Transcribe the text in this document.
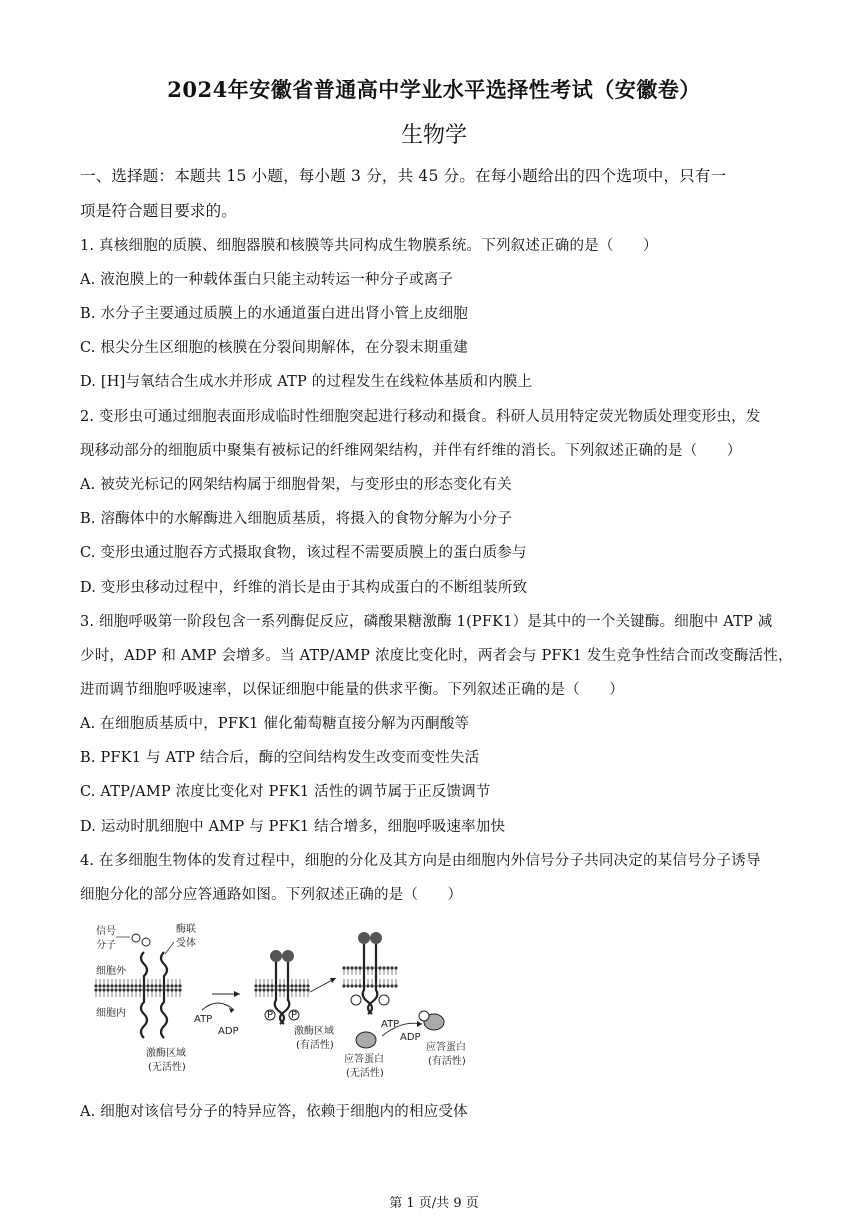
2024年安徽省普通高中学业水平选择性考试（安徽卷）
生物学
一、选择题：本题共 15 小题，每小题 3 分，共 45 分。在每小题给出的四个选项中，只有一
项是符合题目要求的。
1. 真核细胞的质膜、细胞器膜和核膜等共同构成生物膜系统。下列叙述正确的是（　　）
A. 液泡膜上的一种载体蛋白只能主动转运一种分子或离子
B. 水分子主要通过质膜上的水通道蛋白进出肾小管上皮细胞
C. 根尖分生区细胞的核膜在分裂间期解体，在分裂末期重建
D. [H]与氧结合生成水并形成 ATP 的过程发生在线粒体基质和内膜上
2. 变形虫可通过细胞表面形成临时性细胞突起进行移动和摄食。科研人员用特定荧光物质处理变形虫，发
现移动部分的细胞质中聚集有被标记的纤维网架结构，并伴有纤维的消长。下列叙述正确的是（　　）
A. 被荧光标记的网架结构属于细胞骨架，与变形虫的形态变化有关
B. 溶酶体中的水解酶进入细胞质基质，将摄入的食物分解为小分子
C. 变形虫通过胞吞方式摄取食物，该过程不需要质膜上的蛋白质参与
D. 变形虫移动过程中，纤维的消长是由于其构成蛋白的不断组装所致
3. 细胞呼吸第一阶段包含一系列酶促反应，磷酸果糖激酶 1(PFK1）是其中的一个关键酶。细胞中 ATP 减
少时，ADP 和 AMP 会增多。当 ATP/AMP 浓度比变化时，两者会与 PFK1 发生竞争性结合而改变酶活性，
进而调节细胞呼吸速率，以保证细胞中能量的供求平衡。下列叙述正确的是（　　）
A. 在细胞质基质中，PFK1 催化葡萄糖直接分解为丙酮酸等
B. PFK1 与 ATP 结合后，酶的空间结构发生改变而变性失活
C. ATP/AMP 浓度比变化对 PFK1 活性的调节属于正反馈调节
D. 运动时肌细胞中 AMP 与 PFK1 结合增多，细胞呼吸速率加快
4. 在多细胞生物体的发育过程中，细胞的分化及其方向是由细胞内外信号分子共同决定的某信号分子诱导
细胞分化的部分应答通路如图。下列叙述正确的是（　　）
信号
分子
酶联
受体
细胞外
细胞内
ATP
ADP
激酶区域
(无活性)
激酶区域
(有活性)
P P
ATP
ADP
应答蛋白
(无活性)
应答蛋白
(有活性)
A. 细胞对该信号分子的特异应答，依赖于细胞内的相应受体
第 1 页/共 9 页
